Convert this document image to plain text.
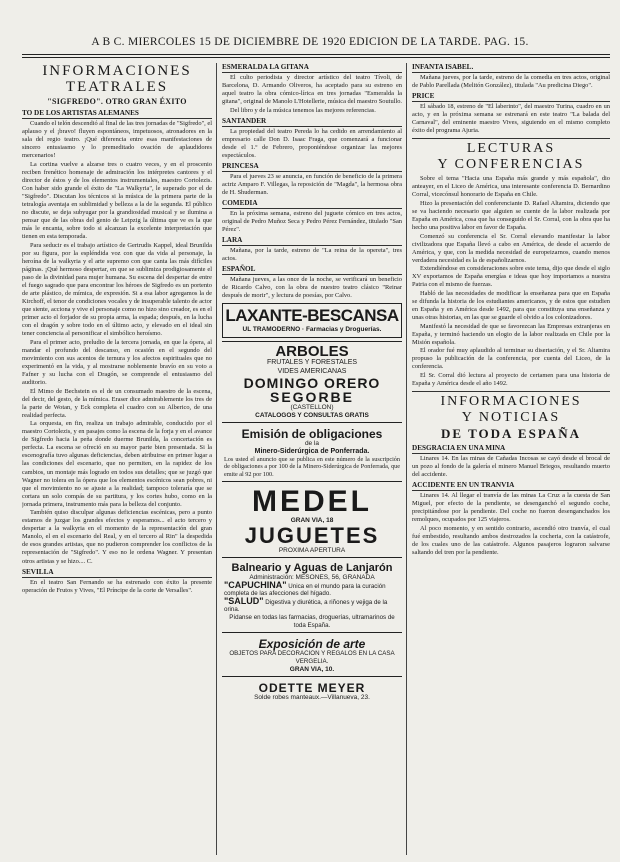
A B C. MIERCOLES 15 DE DICIEMBRE DE 1920 EDICION DE LA TARDE. PAG. 15.
INFORMACIONES
TEATRALES
"SIGFREDO". OTRO GRAN ÉXITO
TO DE LOS ARTISTAS ALEMANES

Cuando el telón descendió al final de las tres jornadas de "Sigfredo", el aplauso y el ¡bravo! fluyen espontáneos, impetuosos, atronadores en la sala del regio teatro. ¡Qué diferencia entre esas manifestaciones de sincero entusiasmo y lo premeditado ovación de aplaudidores mercenarios!

La cortina vuelve a alzarse tres o cuatro veces, y en el proscenio reciben frenético homenaje de admiración los intérpretes cantores y el director de éstos y de los elementos instrumentales, maestro Cortolezis. Con haber sido grande el éxito de "La Walkyria", le superado por el de "Sigfredo". Discutan los técnicos si la música de la primera parte de la tetralogía aventaja en sublimidad y belleza a la de la segunda. El público no discute, se deja subyugar por la grandiosidad musical y se ilumina a pensar que de las obras del genio de Leipzig la última que ve es la que más le encanta, sobre todo si alcanzan la excelente interpretación que tienen en esta temporada.

Para seducir es el trabajo artístico de Gertrudis Kappel, ideal Brunilda por su figura, por la espléndida voz con que da vida al personaje, la heroína de la walkyria y el arte supremo con que canta las más difíciles páginas. ¡Qué hermoso despertar, en que se sublimiza prodigiosamente el paso de la divinidad para mujer humana. Su escena del despertar de entre el fuego sagrado que para encontrar los héroes de Sigfredo es un portento de arte plástico, de mímica, de expresión. Si a esa labor agregamos la de Kirchoff, el tenor de condiciones vocales y de insuperable talento de actor que siente, acciona y vive el personaje como no hizo sino creador, es en el primer acto el forjador de su propia arma, la espada; después, en la lucha con el dragón y sobre todo en el último acto, y elevado en el ideal sin tener conciencia al personificar el simbólico heroísmo.

Para el primer acto, preludio de la tercera jornada, en que la ópera, al mandar el profundo del descanso, en ocasión en el segundo del movimiento con sus acentos de ternura y los afectos espirituales que no experimentó en la vida, y al mostrarse noblemente bravío en su voto a Fafner y su lucha con el Dragón, se comprende el entusiasmo del auditorio.

El Mimo de Bechstein es el de un consumado maestro de la escena, del decir, del gesto, de la mímica. Eraser dice admirablemente los tres de la parte de Wotan, y Eck completa el cuadro con su Alberico, de una realidad perfecta.

La orquesta, en fin, realiza un trabajo admirable, conducido por el maestro Cortolezis, y en pasajes como la escena de la forja y en el avance de Sigfredo hacia la peña donde duerme Brunilda, la concertación es perfecta. La escena se ofreció en su mayor parte bien presentada. Si la escenografía tuvo algunas deficiencias, deben atribuirse en primer lugar a las condiciones del escenario, que no permiten, en la rapidez de los cambios, un montaje más logrado en todos sus detalles; que se juzgó que Wagner no tolera en la ópera que los elementos escénicos sean pobres, ni que el movimiento no se ajuste a la realidad; tampoco toleraría que se cortara un solo compás de su partitura, y los cortes hubo, como en la jornada primera, instrumento más para la belleza del conjunto.

También quiso disculpar algunas deficiencias escénicas, pero a punto estamos de juzgar los grandes efectos y esperamos... el acto tercero y despertar a la walkyria en el momento de la representación del gran Manolo, el en el escenario del Real, y en el tercero al Rin" la despedida de esos grandes artistas, que no pudieron comprender los conflictos de la representación de "Sigfredo". Y eso no le ordena Wagner. Y presentan otros artistas y se hizo.... C.

SEVILLA

En el teatro San Fernando se ha estrenado con éxito la presente operación de Frutos y Vives, "El Príncipe de la corte de Versalles".

ESMERALDA LA GITANA

El culto periodista y director artístico del teatro Tívoli, de Barcelona, D. Armando Oliveros, ha aceptado para su estreno en aquel teatro la obra cómico-lírica en tres jornadas "Esmeralda la gitana", original de Manolo L'Hotellerie, música del maestro Soutullo.

Del libro y de la música tenemos las mejores referencias.

SANTANDER

La propiedad del teatro Pereda lo ha cedido en arrendamiento al empresario calle Don D. Isaac Fraga, que comenzará a funcionar desde el 1.º de Febrero, proponiéndose organizar las mejores espectáculos.

PRINCESA

Para el jueves 23 se anuncia, en función de beneficio de la primera actriz Amparo F. Villegas, la reposición de "Magda", la hermosa obra de H. Shuderman.

COMEDIA

En la próxima semana, estreno del juguete cómico en tres actos, original de Pedro Muñoz Seca y Pedro Pérez Fernández, titulado "San Pérez".

LARA

Mañana, por la tarde, estreno de "La reina de la opereta", tres actos.

ESPAÑOL

Mañana jueves, a las once de la noche, se verificará un beneficio de Ricardo Calvo, con la obra de nuestro teatro clásico "Reinar después de morir", y lectura de poesías, por Calvo.

LAXANTE-BESCANSA
UL TRAMODERNO · Farmacias y Droguerías.
ARBOLES
FRUTALES Y FORESTALES
VIDES AMERICANAS
DOMINGO ORERO
SEGORBE
(CASTELLON)
CATALOGOS Y CONSULTAS GRATIS
Emisión de obligaciones
de la
Minero-Siderúrgica de Ponferrada.
Los usted el anuncio que se publica en este número de la suscripción de obligaciones a por 100 de la Minero-Siderúrgica de Ponferrada, que emite al 92 por 100.
MEDEL
GRAN VIA, 18
JUGUETES
PROXIMA APERTURA
Balneario y Aguas de Lanjarón
Administración: MESONES, 56, GRANADA
"CAPUCHINA" Unica en el mundo para la curación completa de las afecciones del hígado.
"SALUD" Digestiva y diurética, a riñones y vejiga de la orina.
Pídanse en todas las farmacias, droguerías, ultramarinos de toda España.
Exposición de arte
OBJETOS PARA DECORACION Y REGALOS EN LA CASA VERGELIA.
GRAN VIA, 10.
ODETTE MEYER
Solde robes manteaux.—Villanueva, 23.
INFANTA ISABEL.

Mañana jueves, por la tarde, estreno de la comedia en tres actos, original de Pablo Parellada (Melitón González), titulada "Au predicina Diego".

PRICE

El sábado 18, estreno de "El laberinto", del maestro Turina, cuadro en un acto, y en la próxima semana se estrenará en este teatro "La balada del Carnaval", del eminente maestro Vives, siguiendo en el mismo completo éxito del programa Ajuria.

LECTURAS
Y CONFERENCIAS

Sobre el tema "Hacia una España más grande y más española", dio anteayer, en el Liceo de América, una interesante conferencia D. Bernardino Corral, vicecónsul honorario de España en Chile.

Hizo la presentación del conferenciante D. Rafael Altamira, diciendo que se va haciendo necesario que alguien se cuente de la labor realizada por España en América, cosa que ha conseguido el Sr. Corral, con la obra que ha hecho una positiva labor en favor de España.

Comenzó su conferencia el Sr. Corral elevando manifestar la labor civilizadora que España llevó a cabo en América, de desde el acuerdo de América, y que, con la medida necesidad de europeizarnos, cuando menos verdadera necesidad es la de españolizarnos.

Extendiéndose en consideraciones sobre este tema, dijo que desde el siglo XV exportamos de España energías e ideas que hoy importamos a nuestra Patria con el mismo de fuerzas.

Habló de las necesidades de modificar la enseñanza para que en España se difunda la historia de los estudiantes americanos, y de estos que estudien en España y en América desde 1492, para que constituya una enseñanza y unas otras historias, en las que se guarde el olvido a los colonizadores.

Manifestó la necesidad de que se favorezcan las Empresas extranjeras en España, y terminó haciendo un elogio de la labor realizada en Chile por la Misión española.

El orador fué muy aplaudido al terminar su disertación, y el Sr. Altamira propuso la publicación de la conferencia, por cuenta del Liceo, de la conferencia.

El Sr. Corral dió lectura al proyecto de certamen para una historia de España y América desde el año 1492.

INFORMACIONES
Y NOTICIAS
DE TODA ESPAÑA
DESGRACIA EN UNA MINA

Linares 14. En las minas de Cañadas Incosas se cayó desde el brocal de un pozo al fondo de la galería el minero Manuel Briegos, resultando muerto del accidente.

ACCIDENTE EN UN TRANVIA

Linares 14. Al llegar el tranvía de las minas La Cruz a la cuesta de San Miguel, por efecto de la pendiente, se desenganchó el segundo coche, precipitándose por la pendiente. Del coche no fueron desenganchados los remolques, ocupados por 125 viajeros.

Al poco momento, y en sentido contrario, ascendió otro tranvía, el cual fué embestido, resultando ambos destrozados la cocheria, con la catástrofe, de los cuales uno de las catástrofe. Algunos pasajeros lograron salvarse saltando del tren por la pendiente.
